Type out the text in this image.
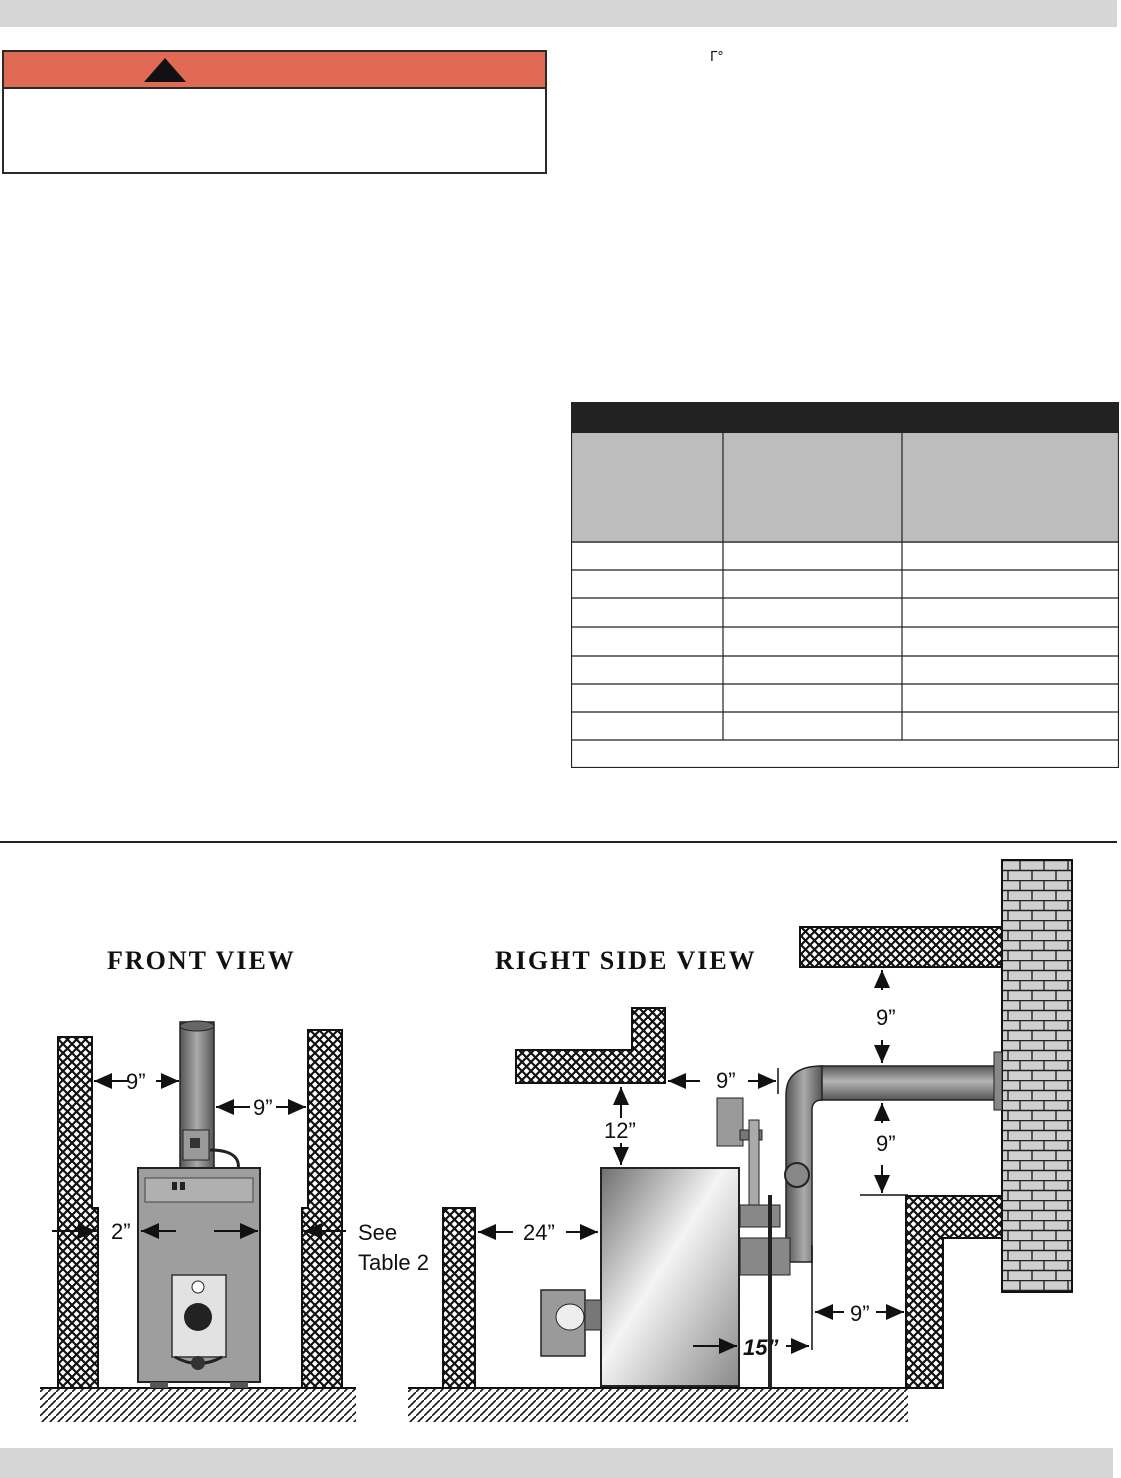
Γ°
FRONT VIEW	RIGHT SIDE VIEW
9”
9”
2”	See
Table 2
12”
9”
9”
9”
9”
24”
15”
